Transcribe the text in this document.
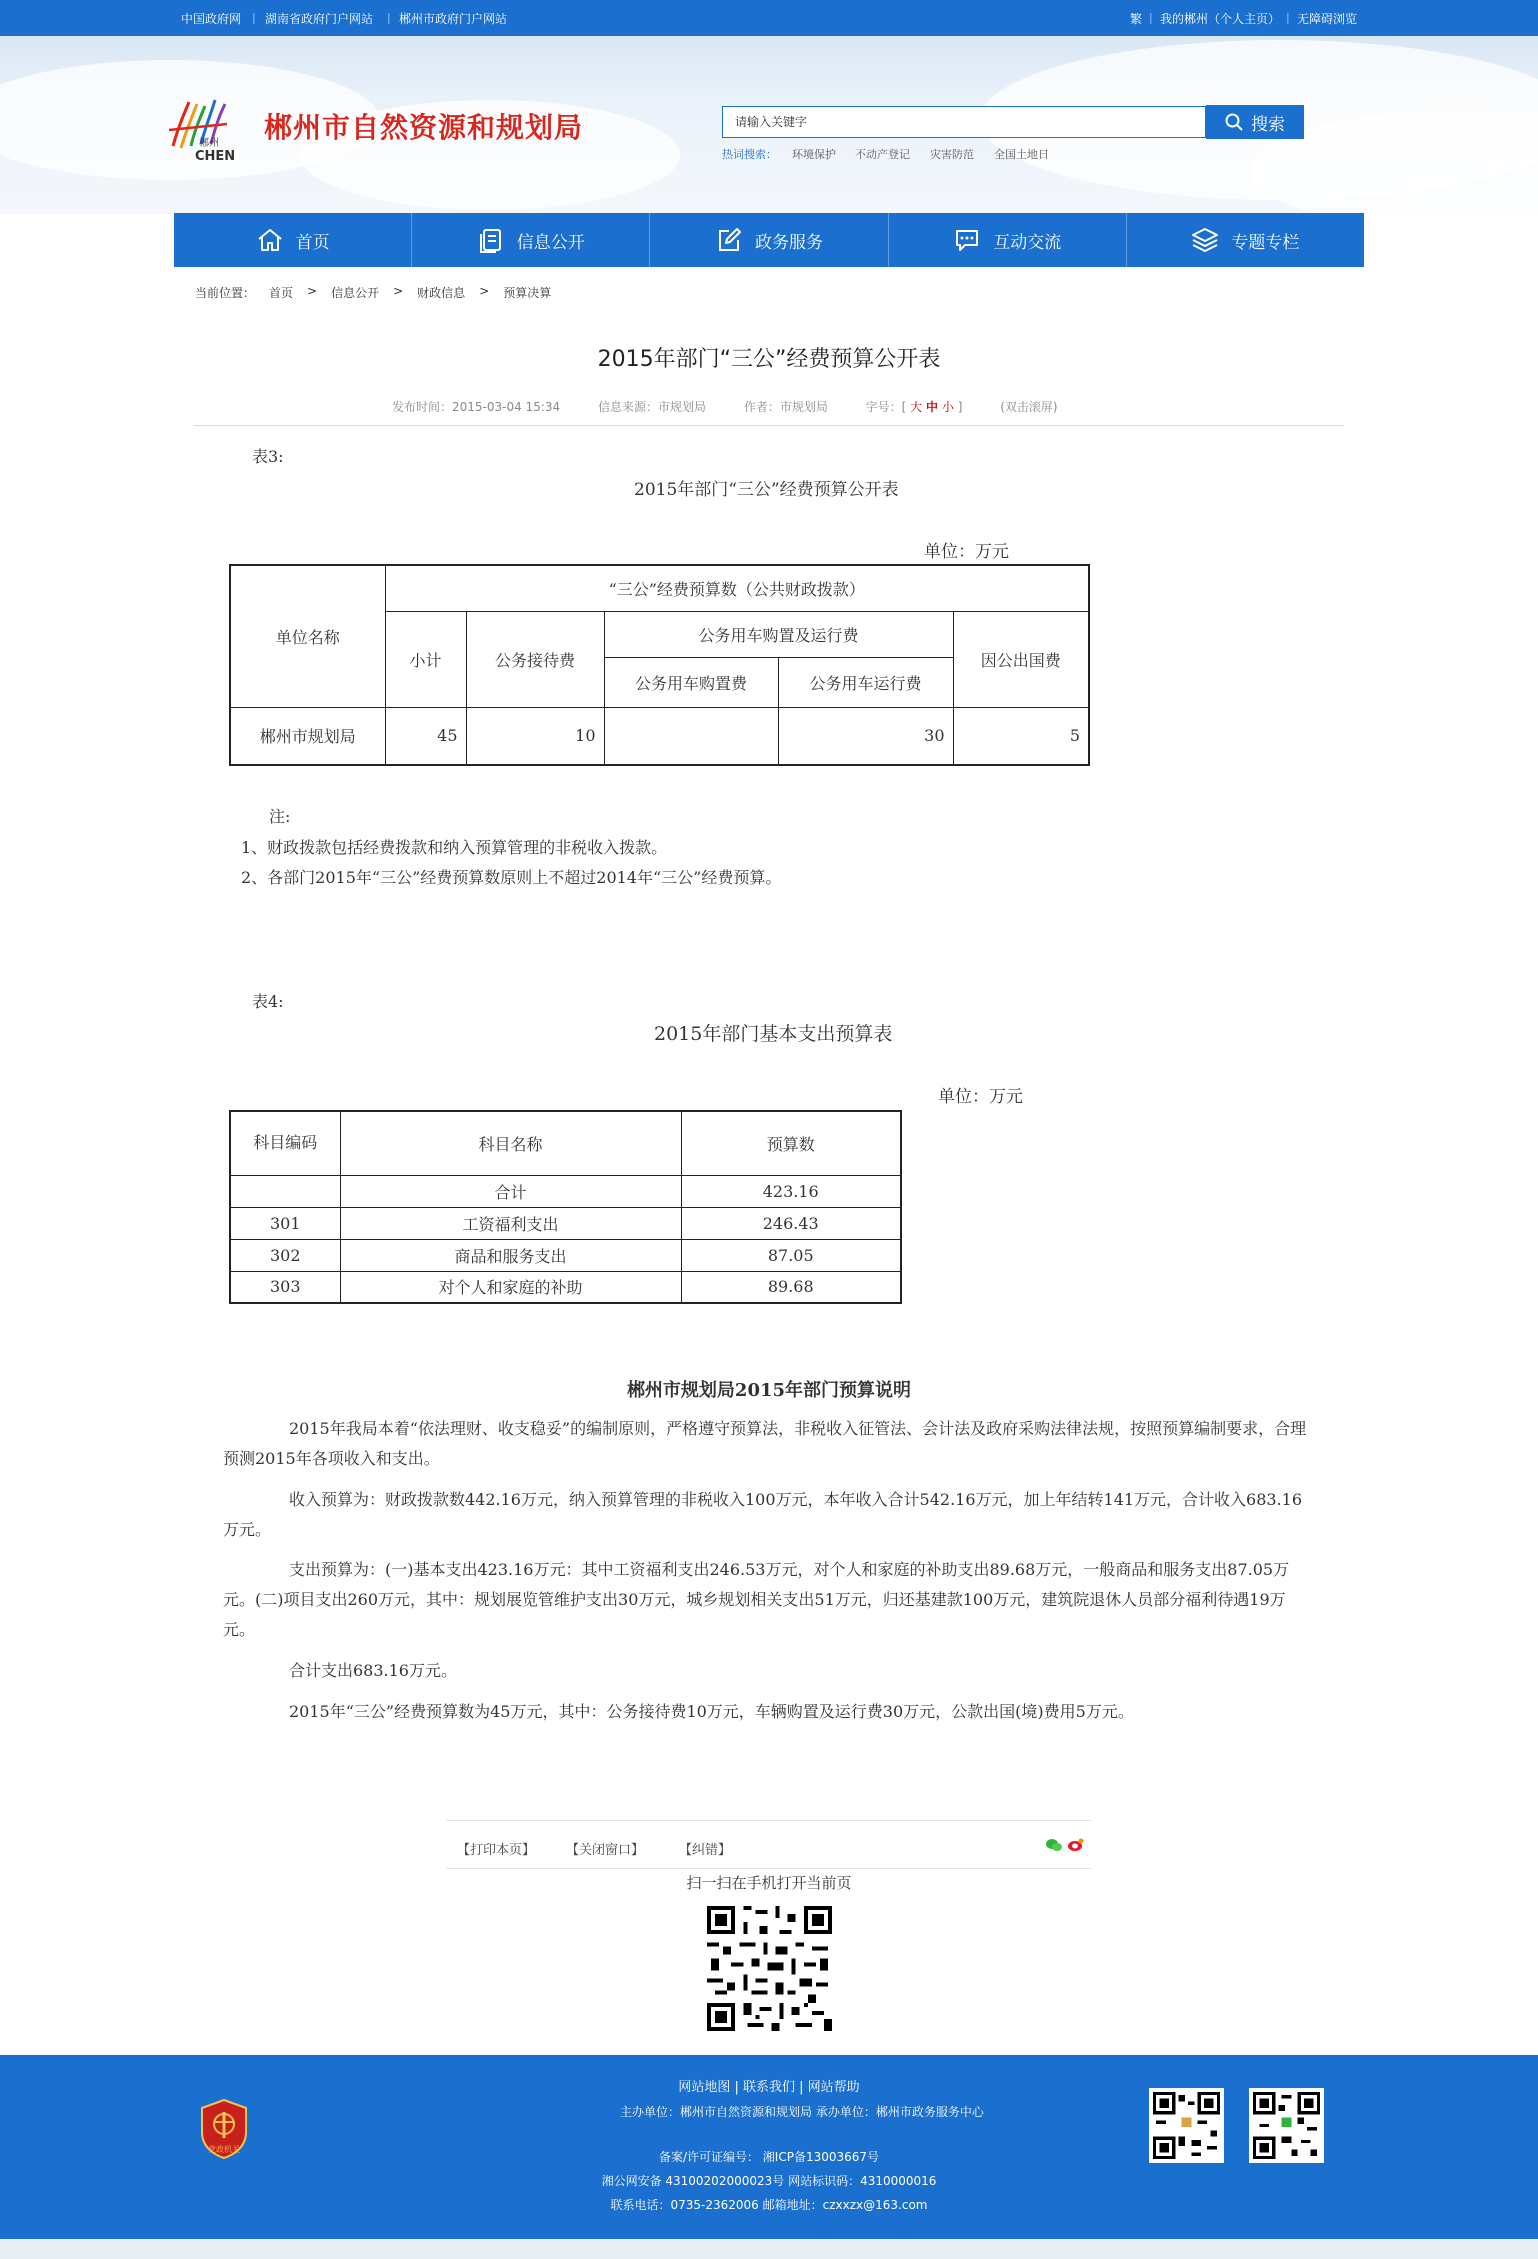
中国政府网 | 湖南省政府门户网站 | 郴州市政府门户网站	繁 | 我的郴州（个人主页） | 无障碍浏览
郴州
CHEN
郴州市自然资源和规划局
请输入关键字	搜索
热词搜索： 环境保护 不动产登记 灾害防范 全国土地日
首页	信息公开	政务服务	互动交流	专题专栏
当前位置： 首页 > 信息公开 > 财政信息 > 预算决算
2015年部门“三公”经费预算公开表
发布时间：2015-03-04 15:34	信息来源：市规划局	作者：市规划局	字号：[ 大 中 小 ]	(双击滚屏)
表3:
2015年部门“三公”经费预算公开表
单位：万元
单位名称	“三公”经费预算数（公共财政拨款）				
	小计	公务接待费	公务用车购置及运行费		因公出国费
			公务用车购置费	公务用车运行费	
郴州市规划局	45	10		30	5
注:
1、财政拨款包括经费拨款和纳入预算管理的非税收入拨款。
2、各部门2015年“三公”经费预算数原则上不超过2014年“三公”经费预算。
表4:
2015年部门基本支出预算表
单位：万元
科目编码	科目名称	预算数
	合计	423.16
301	工资福利支出	246.43
302	商品和服务支出	87.05
303	对个人和家庭的补助	89.68
郴州市规划局2015年部门预算说明
2015年我局本着“依法理财、收支稳妥”的编制原则，严格遵守预算法，非税收入征管法、会计法及政府采购法律法规，按照预算编制要求，合理预测2015年各项收入和支出。
收入预算为：财政拨款数442.16万元，纳入预算管理的非税收入100万元，本年收入合计542.16万元，加上年结转141万元，合计收入683.16万元。
支出预算为：(一)基本支出423.16万元：其中工资福利支出246.53万元，对个人和家庭的补助支出89.68万元，一般商品和服务支出87.05万元。(二)项目支出260万元，其中：规划展览管维护支出30万元，城乡规划相关支出51万元，归还基建款100万元，建筑院退休人员部分福利待遇19万元。
合计支出683.16万元。
2015年“三公”经费预算数为45万元，其中：公务接待费10万元，车辆购置及运行费30万元，公款出国(境)费用5万元。
【打印本页】 【关闭窗口】	【纠错】
扫一扫在手机打开当前页
党政机关
网站地图 | 联系我们 | 网站帮助
主办单位：郴州市自然资源和规划局 承办单位：郴州市政务服务中心
备案/许可证编号： 湘ICP备13003667号
湘公网安备 43100202000023号 网站标识码：4310000016
联系电话：0735-2362006 邮箱地址：czxxzx@163.com
